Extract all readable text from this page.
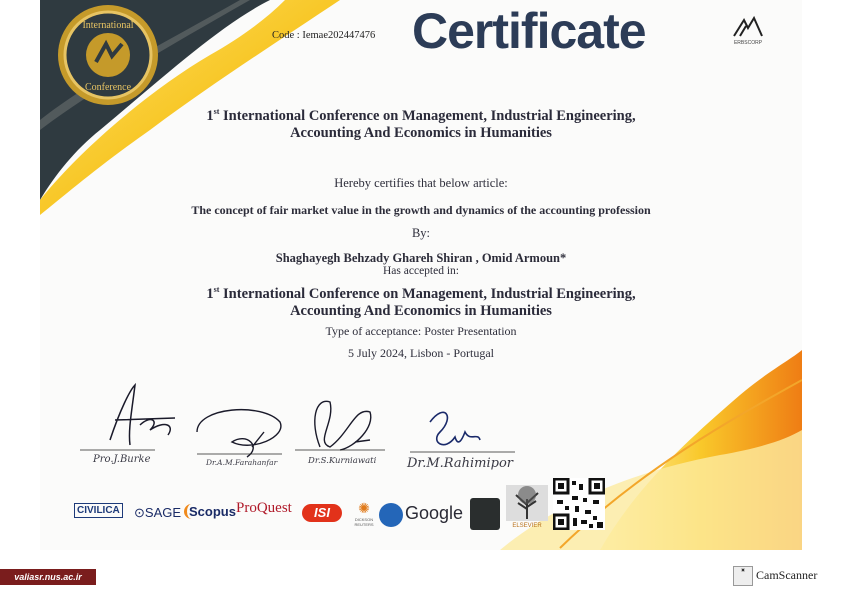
International
Conference
Code : Iemae202447476 Certificate	ERBSCORP
1st International Conference on Management, Industrial Engineering,
Accounting And Economics in Humanities
Hereby certifies that below article:
The concept of fair market value in the growth and dynamics of the accounting profession
By:
Shaghayegh Behzady Ghareh Shiran , Omid Armoun*
Has accepted in:
1st International Conference on Management, Industrial Engineering,
Accounting And Economics in Humanities
Type of acceptance: Poster Presentation
5 July 2024, Lisbon - Portugal
Pro.J.Burke	Dr.A.M.Farahanfar	Dr.S.Kurniawati Dr.M.Rahimipor
CIVILICA ⊙SAGE Scopus ProQuest	ISI	✺
DICKSON REUTERS
Google
ELSEVIER
valiasr.nus.ac.ir
▣ CamScanner
